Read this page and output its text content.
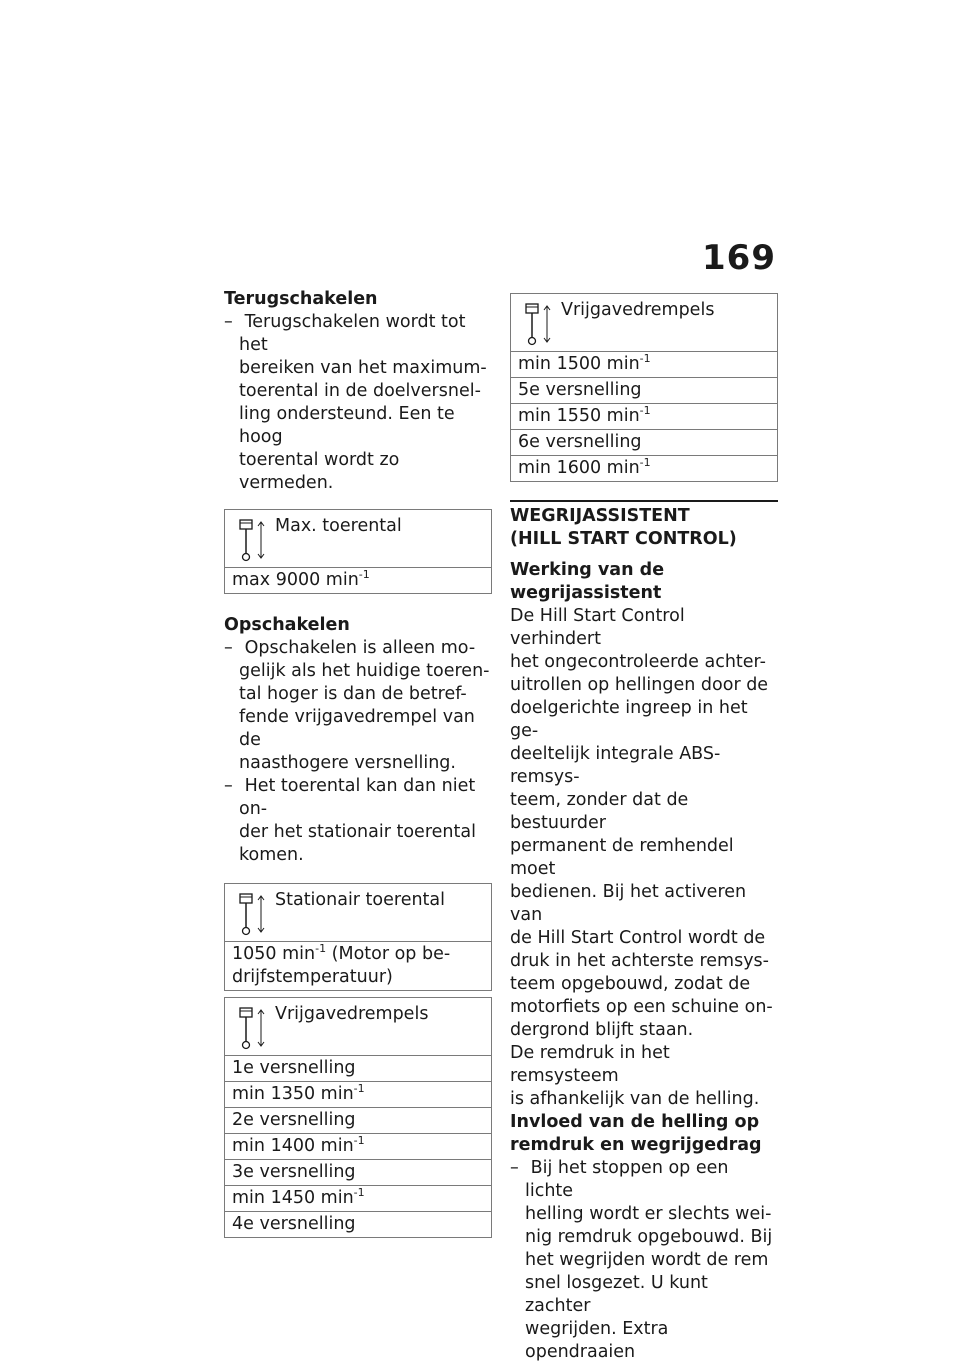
169

Terugschakelen

– Terugschakelen wordt tot het
bereiken van het maximum-
toerental in de doelversnel-
ling ondersteund. Een te hoog
toerental wordt zo vermeden.
Max. toerental
max 9000 $\min^{-1}$

Opschakelen

– Opschakelen is alleen mo-
gelijk als het huidige toeren-
tal hoger is dan de betref-
fende vrijgavedrempel van de
naasthogere versnelling.
– Het toerental kan dan niet on-
der het stationair toerental
komen.
Stationair toerental
1050 $\min^{-1}$ (Motor op be-
drijfstemperatuur)
Vrijgavedrempels
1e versnelling
min 1350 $\min^{-1}$
2e versnelling
min 1400 $\min^{-1}$
3e versnelling
min 1450 $\min^{-1}$
4e versnelling
Vrijgavedrempels
min 1500 $\min^{-1}$
5e versnelling
min 1550 $\min^{-1}$
6e versnelling
min 1600 $\min^{-1}$
WEGRIJASSISTENT
(HILL START CONTROL)

Werking van de
wegrijassistent

De Hill Start Control verhindert
het ongecontroleerde achter-
uitrollen op hellingen door de
doelgerichte ingreep in het ge-
deeltelijk integrale ABS-remsys-
teem, zonder dat de bestuurder
permanent de remhendel moet
bedienen. Bij het activeren van
de Hill Start Control wordt de
druk in het achterste remsys-
teem opgebouwd, zodat de
motorfiets op een schuine on-
dergrond blijft staan.

De remdruk in het remsysteem
is afhankelijk van de helling.

Invloed van de helling op
remdruk en wegrijgedrag

– Bij het stoppen op een lichte
helling wordt er slechts wei-
nig remdruk opgebouwd. Bij
het wegrijden wordt de rem
snel losgezet. U kunt zachter
wegrijden. Extra opendraaien
